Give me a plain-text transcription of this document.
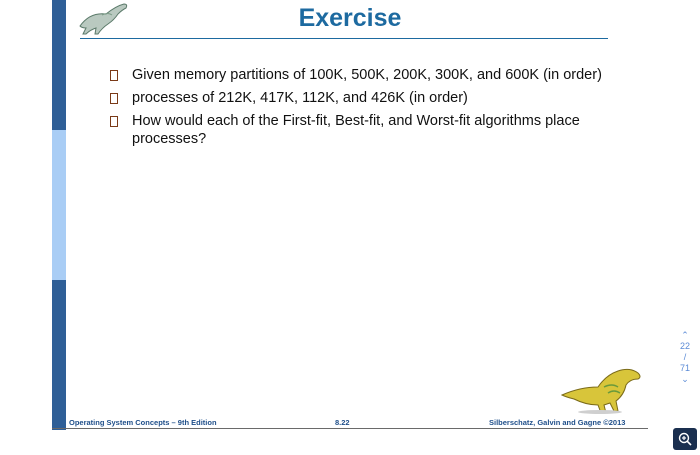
Exercise
Given memory partitions of 100K, 500K, 200K, 300K, and 600K (in order)
processes of 212K, 417K, 112K, and 426K (in order)
How would each of the First-fit, Best-fit, and Worst-fit algorithms place processes?
Operating System Concepts – 9th Edition	8.22	Silberschatz, Galvin and Gagne ©2013
⌃
22
/
71
⌄
